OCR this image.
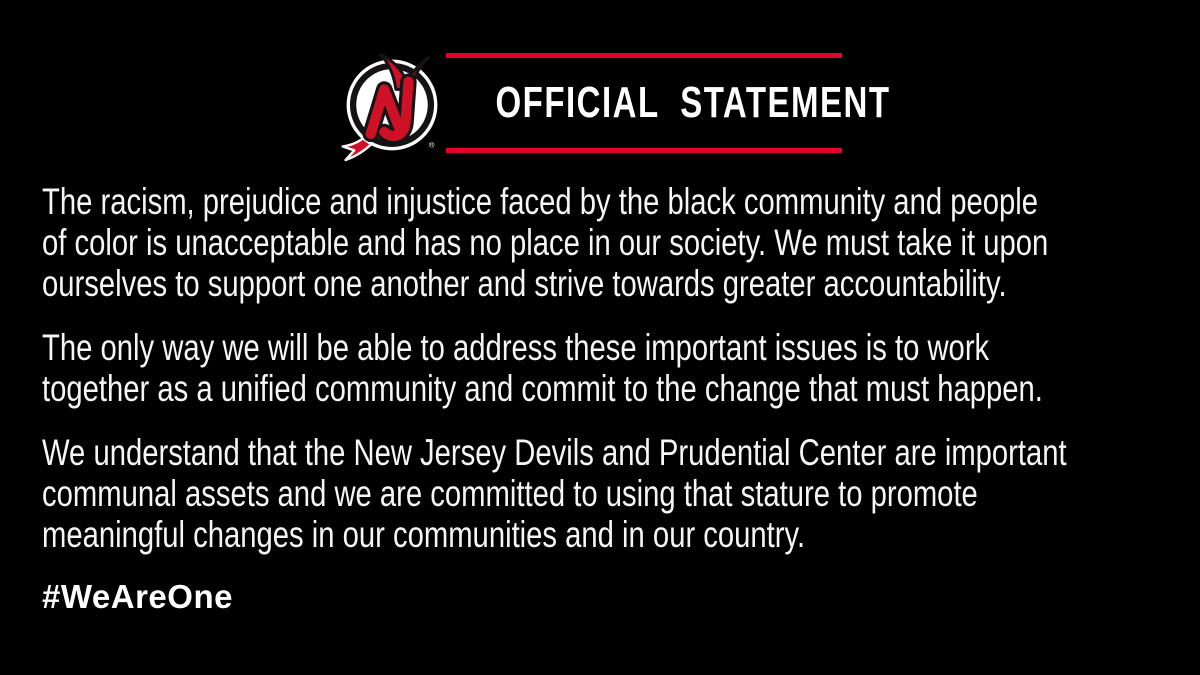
®
OFFICIAL STATEMENT

The racism, prejudice and injustice faced by the black community and people
of color is unacceptable and has no place in our society. We must take it upon
ourselves to support one another and strive towards greater accountability.

The only way we will be able to address these important issues is to work
together as a unified community and commit to the change that must happen.

We understand that the New Jersey Devils and Prudential Center are important
communal assets and we are committed to using that stature to promote
meaningful changes in our communities and in our country.

#WeAreOne
